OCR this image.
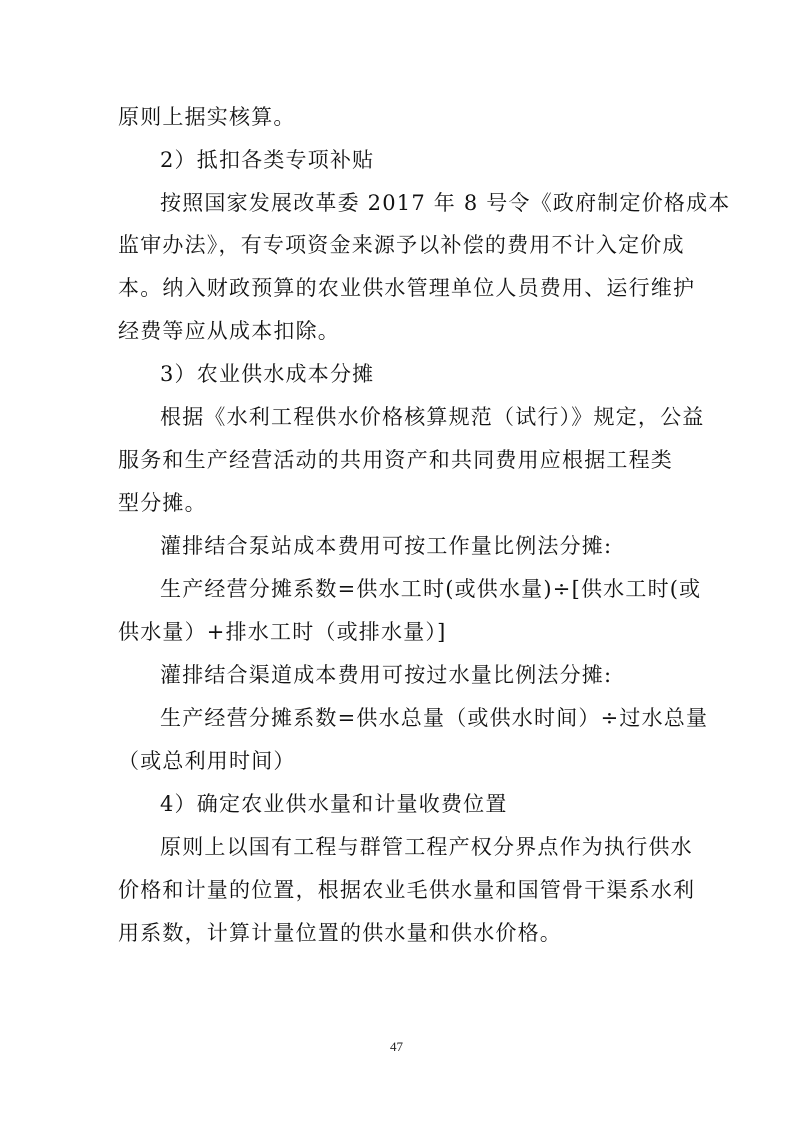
原则上据实核算。
2）抵扣各类专项补贴
按照国家发展改革委 2017 年 8 号令《政府制定价格成本
监审办法》，有专项资金来源予以补偿的费用不计入定价成
本。纳入财政预算的农业供水管理单位人员费用、运行维护
经费等应从成本扣除。
3）农业供水成本分摊
根据《水利工程供水价格核算规范（试行）》规定，公益
服务和生产经营活动的共用资产和共同费用应根据工程类
型分摊。
灌排结合泵站成本费用可按工作量比例法分摊:
生产经营分摊系数=供水工时(或供水量)÷[供水工时(或
供水量）+排水工时（或排水量）]
灌排结合渠道成本费用可按过水量比例法分摊:
生产经营分摊系数=供水总量（或供水时间）÷过水总量
（或总利用时间）
4）确定农业供水量和计量收费位置
原则上以国有工程与群管工程产权分界点作为执行供水
价格和计量的位置，根据农业毛供水量和国管骨干渠系水利
用系数，计算计量位置的供水量和供水价格。
47
